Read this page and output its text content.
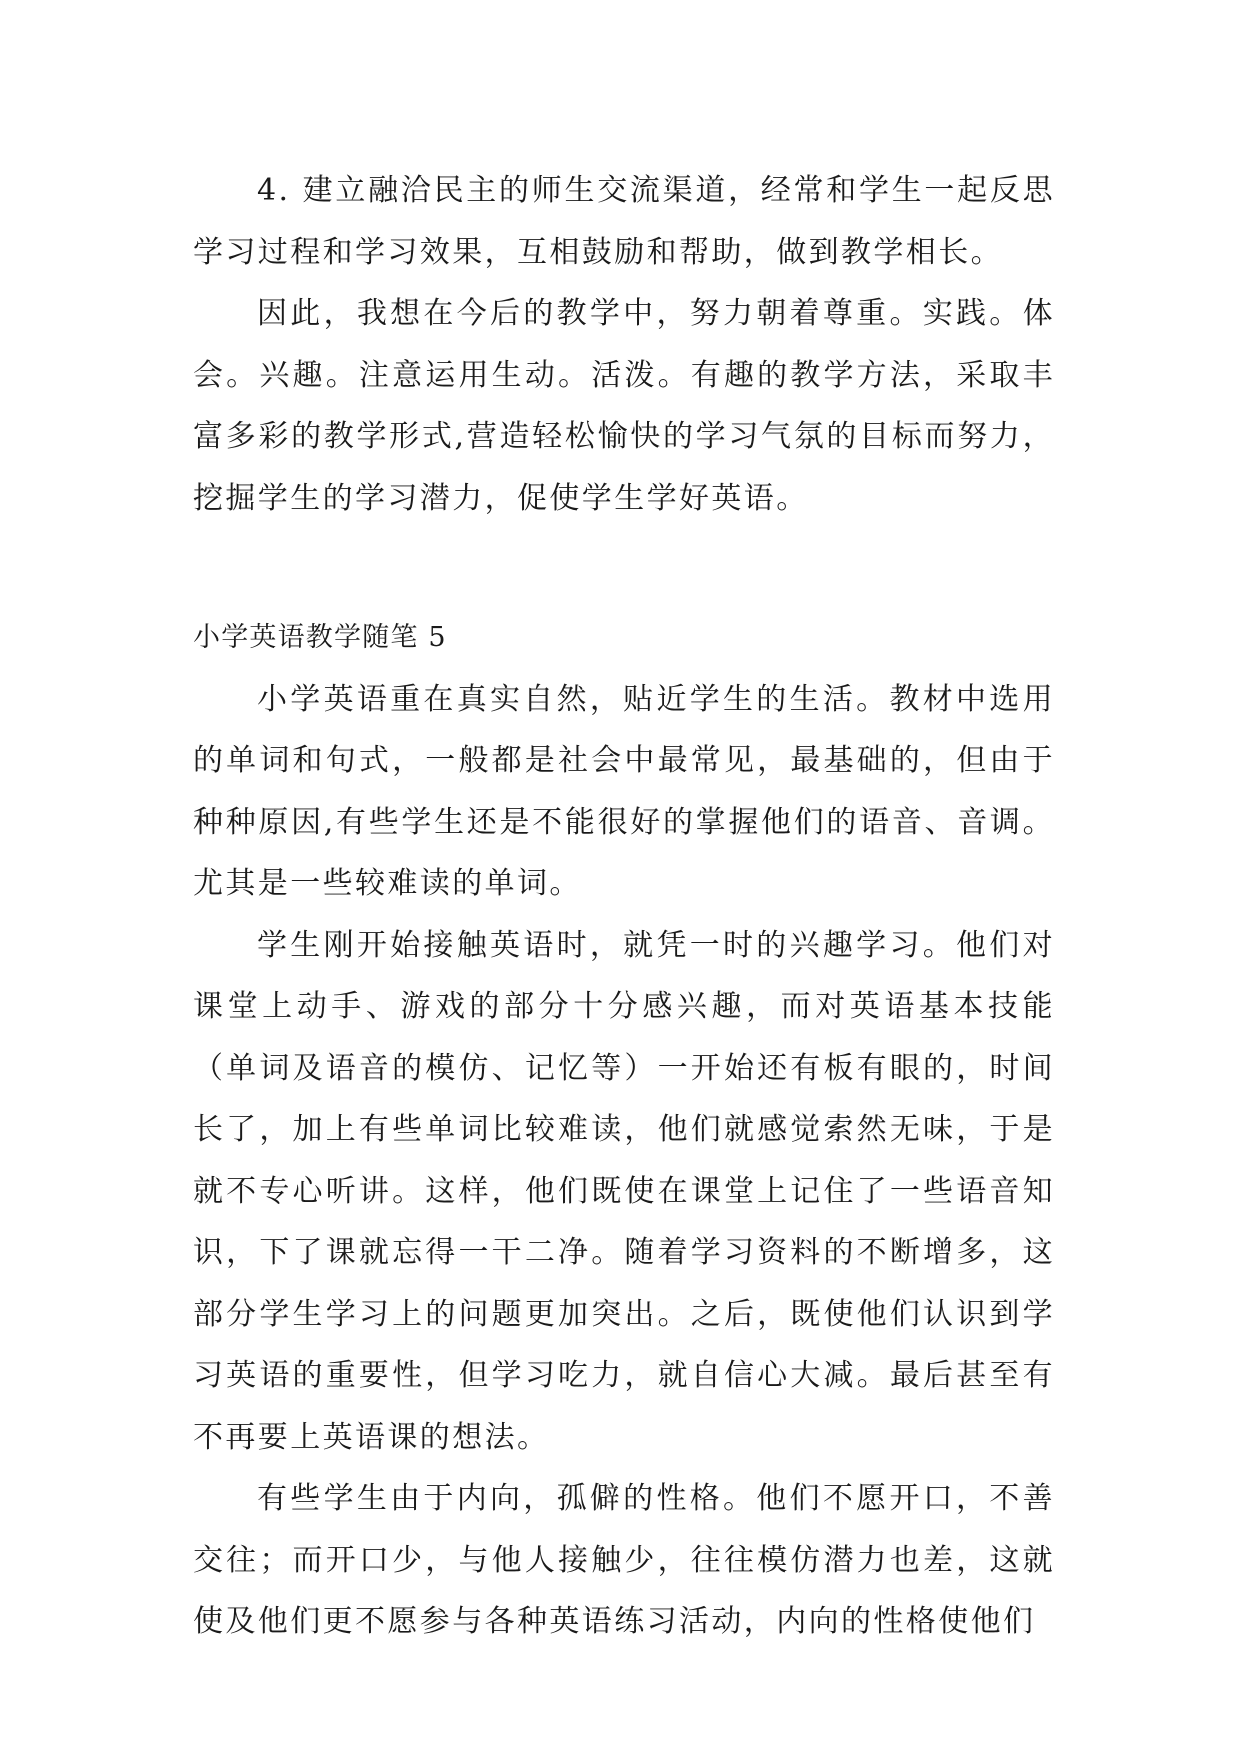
4. 建立融洽民主的师生交流渠道，经常和学生一起反思学习过程和学习效果，互相鼓励和帮助，做到教学相长。

因此，我想在今后的教学中，努力朝着尊重。实践。体会。兴趣。注意运用生动。活泼。有趣的教学方法，采取丰富多彩的教学形式,营造轻松愉快的学习气氛的目标而努力，挖掘学生的学习潜力，促使学生学好英语。

小学英语教学随笔 5

小学英语重在真实自然，贴近学生的生活。教材中选用的单词和句式，一般都是社会中最常见，最基础的，但由于种种原因,有些学生还是不能很好的掌握他们的语音、音调。尤其是一些较难读的单词。

学生刚开始接触英语时，就凭一时的兴趣学习。他们对课堂上动手、游戏的部分十分感兴趣，而对英语基本技能（单词及语音的模仿、记忆等）一开始还有板有眼的，时间长了，加上有些单词比较难读，他们就感觉索然无味，于是就不专心听讲。这样，他们既使在课堂上记住了一些语音知识，下了课就忘得一干二净。随着学习资料的不断增多，这部分学生学习上的问题更加突出。之后，既使他们认识到学习英语的重要性，但学习吃力，就自信心大减。最后甚至有不再要上英语课的想法。

有些学生由于内向，孤僻的性格。他们不愿开口，不善交往；而开口少，与他人接触少，往往模仿潜力也差，这就使及他们更不愿参与各种英语练习活动，内向的性格使他们
